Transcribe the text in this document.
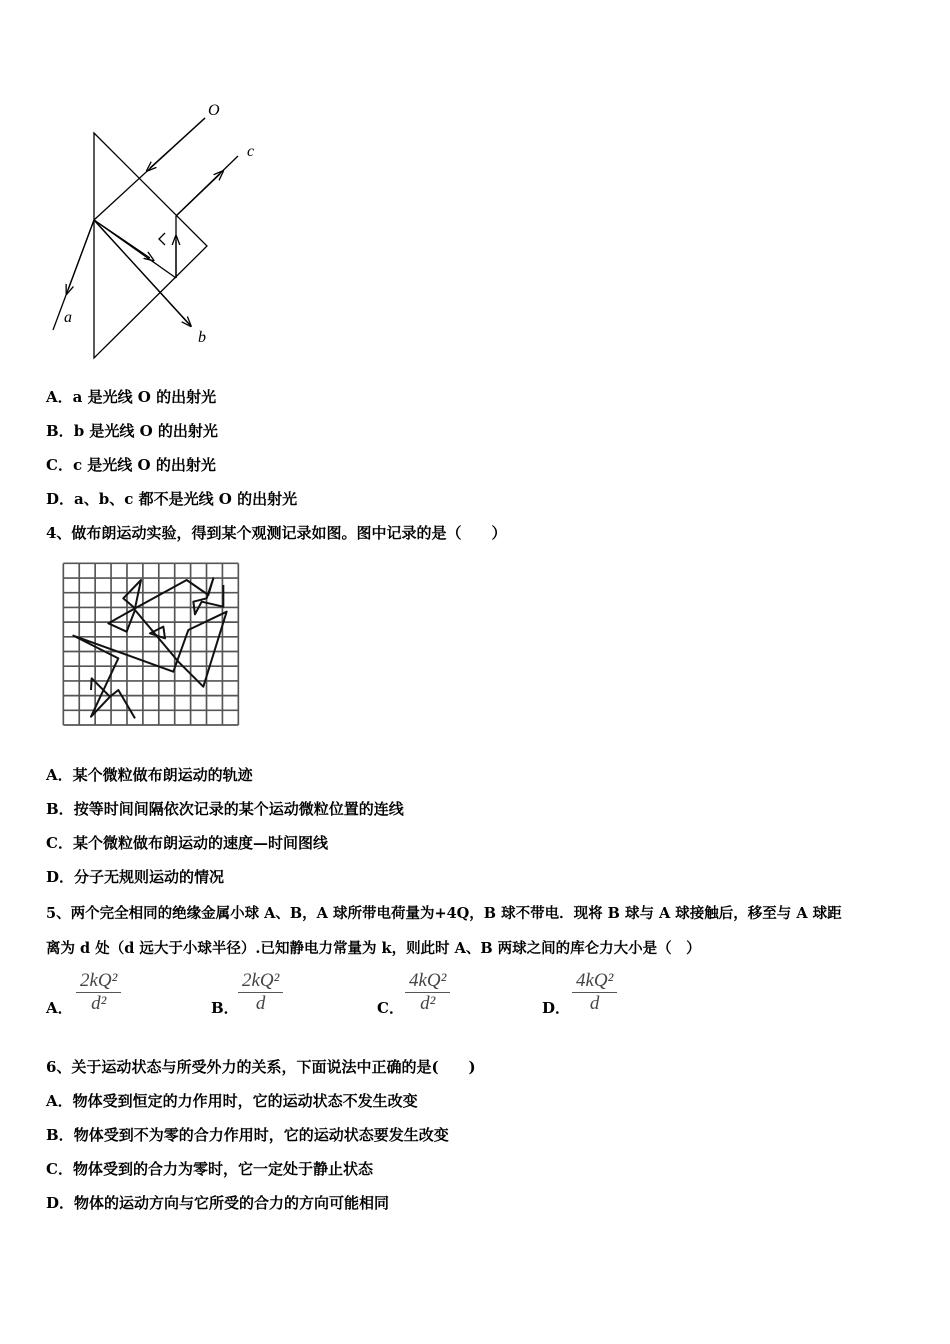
O
c
a
b
A．a 是光线 O 的出射光
B．b 是光线 O 的出射光
C．c 是光线 O 的出射光
D．a、b、c 都不是光线 O 的出射光
4、做布朗运动实验，得到某个观测记录如图。图中记录的是（　　）
A．某个微粒做布朗运动的轨迹
B．按等时间间隔依次记录的某个运动微粒位置的连线
C．某个微粒做布朗运动的速度—时间图线
D．分子无规则运动的情况
5、两个完全相同的绝缘金属小球 A、B，A 球所带电荷量为+4Q，B 球不带电．现将 B 球与 A 球接触后，移至与 A 球距
离为 d 处（d 远大于小球半径）.已知静电力常量为 k，则此时 A、B 两球之间的库仑力大小是（　）
A． $\frac{\text{2kQ²}}{\text{d²}}$	B． $\frac{\text{2kQ²}}{d}$	C． $\frac{\text{4kQ²}}{\text{d²}}$	D． $\frac{\text{4kQ²}}{d}$
6、关于运动状态与所受外力的关系，下面说法中正确的是(　　)
A．物体受到恒定的力作用时，它的运动状态不发生改变
B．物体受到不为零的合力作用时，它的运动状态要发生改变
C．物体受到的合力为零时，它一定处于静止状态
D．物体的运动方向与它所受的合力的方向可能相同
